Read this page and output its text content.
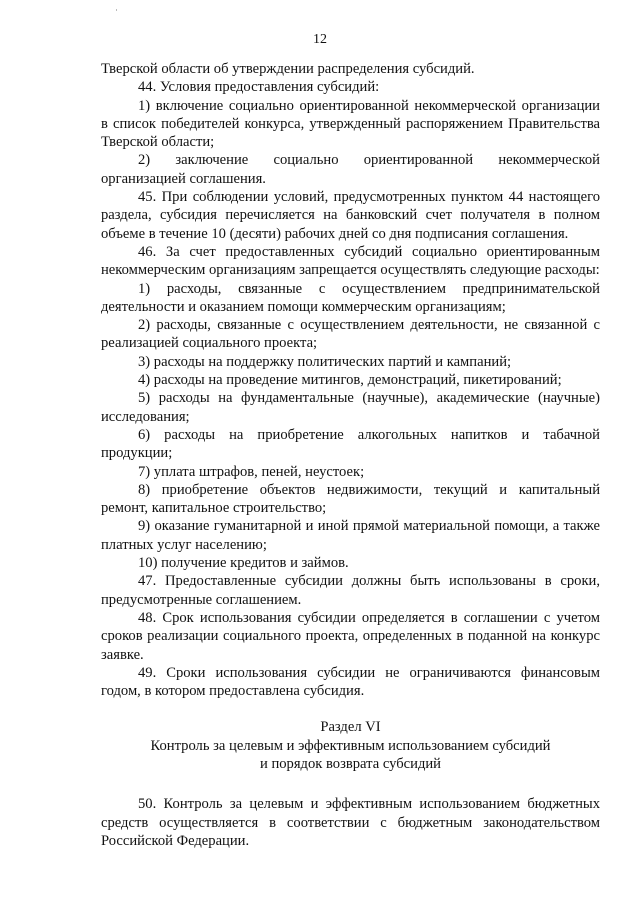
12

Тверской области об утверждении распределения субсидий.

44. Условия предоставления субсидий:

1) включение социально ориентированной некоммерческой организации в список победителей конкурса, утвержденный распоряжением Правительства Тверской области;

2) заключение социально ориентированной некоммерческой организацией соглашения.

45. При соблюдении условий, предусмотренных пунктом 44 настоящего раздела, субсидия перечисляется на банковский счет получателя в полном объеме в течение 10 (десяти) рабочих дней со дня подписания соглашения.

46. За счет предоставленных субсидий социально ориентированным некоммерческим организациям запрещается осуществлять следующие расходы:

1) расходы, связанные с осуществлением предпринимательской деятельности и оказанием помощи коммерческим организациям;

2) расходы, связанные с осуществлением деятельности, не связанной с реализацией социального проекта;

3) расходы на поддержку политических партий и кампаний;

4) расходы на проведение митингов, демонстраций, пикетирований;

5) расходы на фундаментальные (научные), академические (научные) исследования;

6) расходы на приобретение алкогольных напитков и табачной продукции;

7) уплата штрафов, пеней, неустоек;

8) приобретение объектов недвижимости, текущий и капитальный ремонт, капитальное строительство;

9) оказание гуманитарной и иной прямой материальной помощи, а также платных услуг населению;

10) получение кредитов и займов.

47. Предоставленные субсидии должны быть использованы в сроки, предусмотренные соглашением.

48. Срок использования субсидии определяется в соглашении с учетом сроков реализации социального проекта, определенных в поданной на конкурс заявке.

49. Сроки использования субсидии не ограничиваются финансовым годом, в котором предоставлена субсидия.

Раздел VI
Контроль за целевым и эффективным использованием субсидий
и порядок возврата субсидий

50. Контроль за целевым и эффективным использованием бюджетных средств осуществляется в соответствии с бюджетным законодательством Российской Федерации.
